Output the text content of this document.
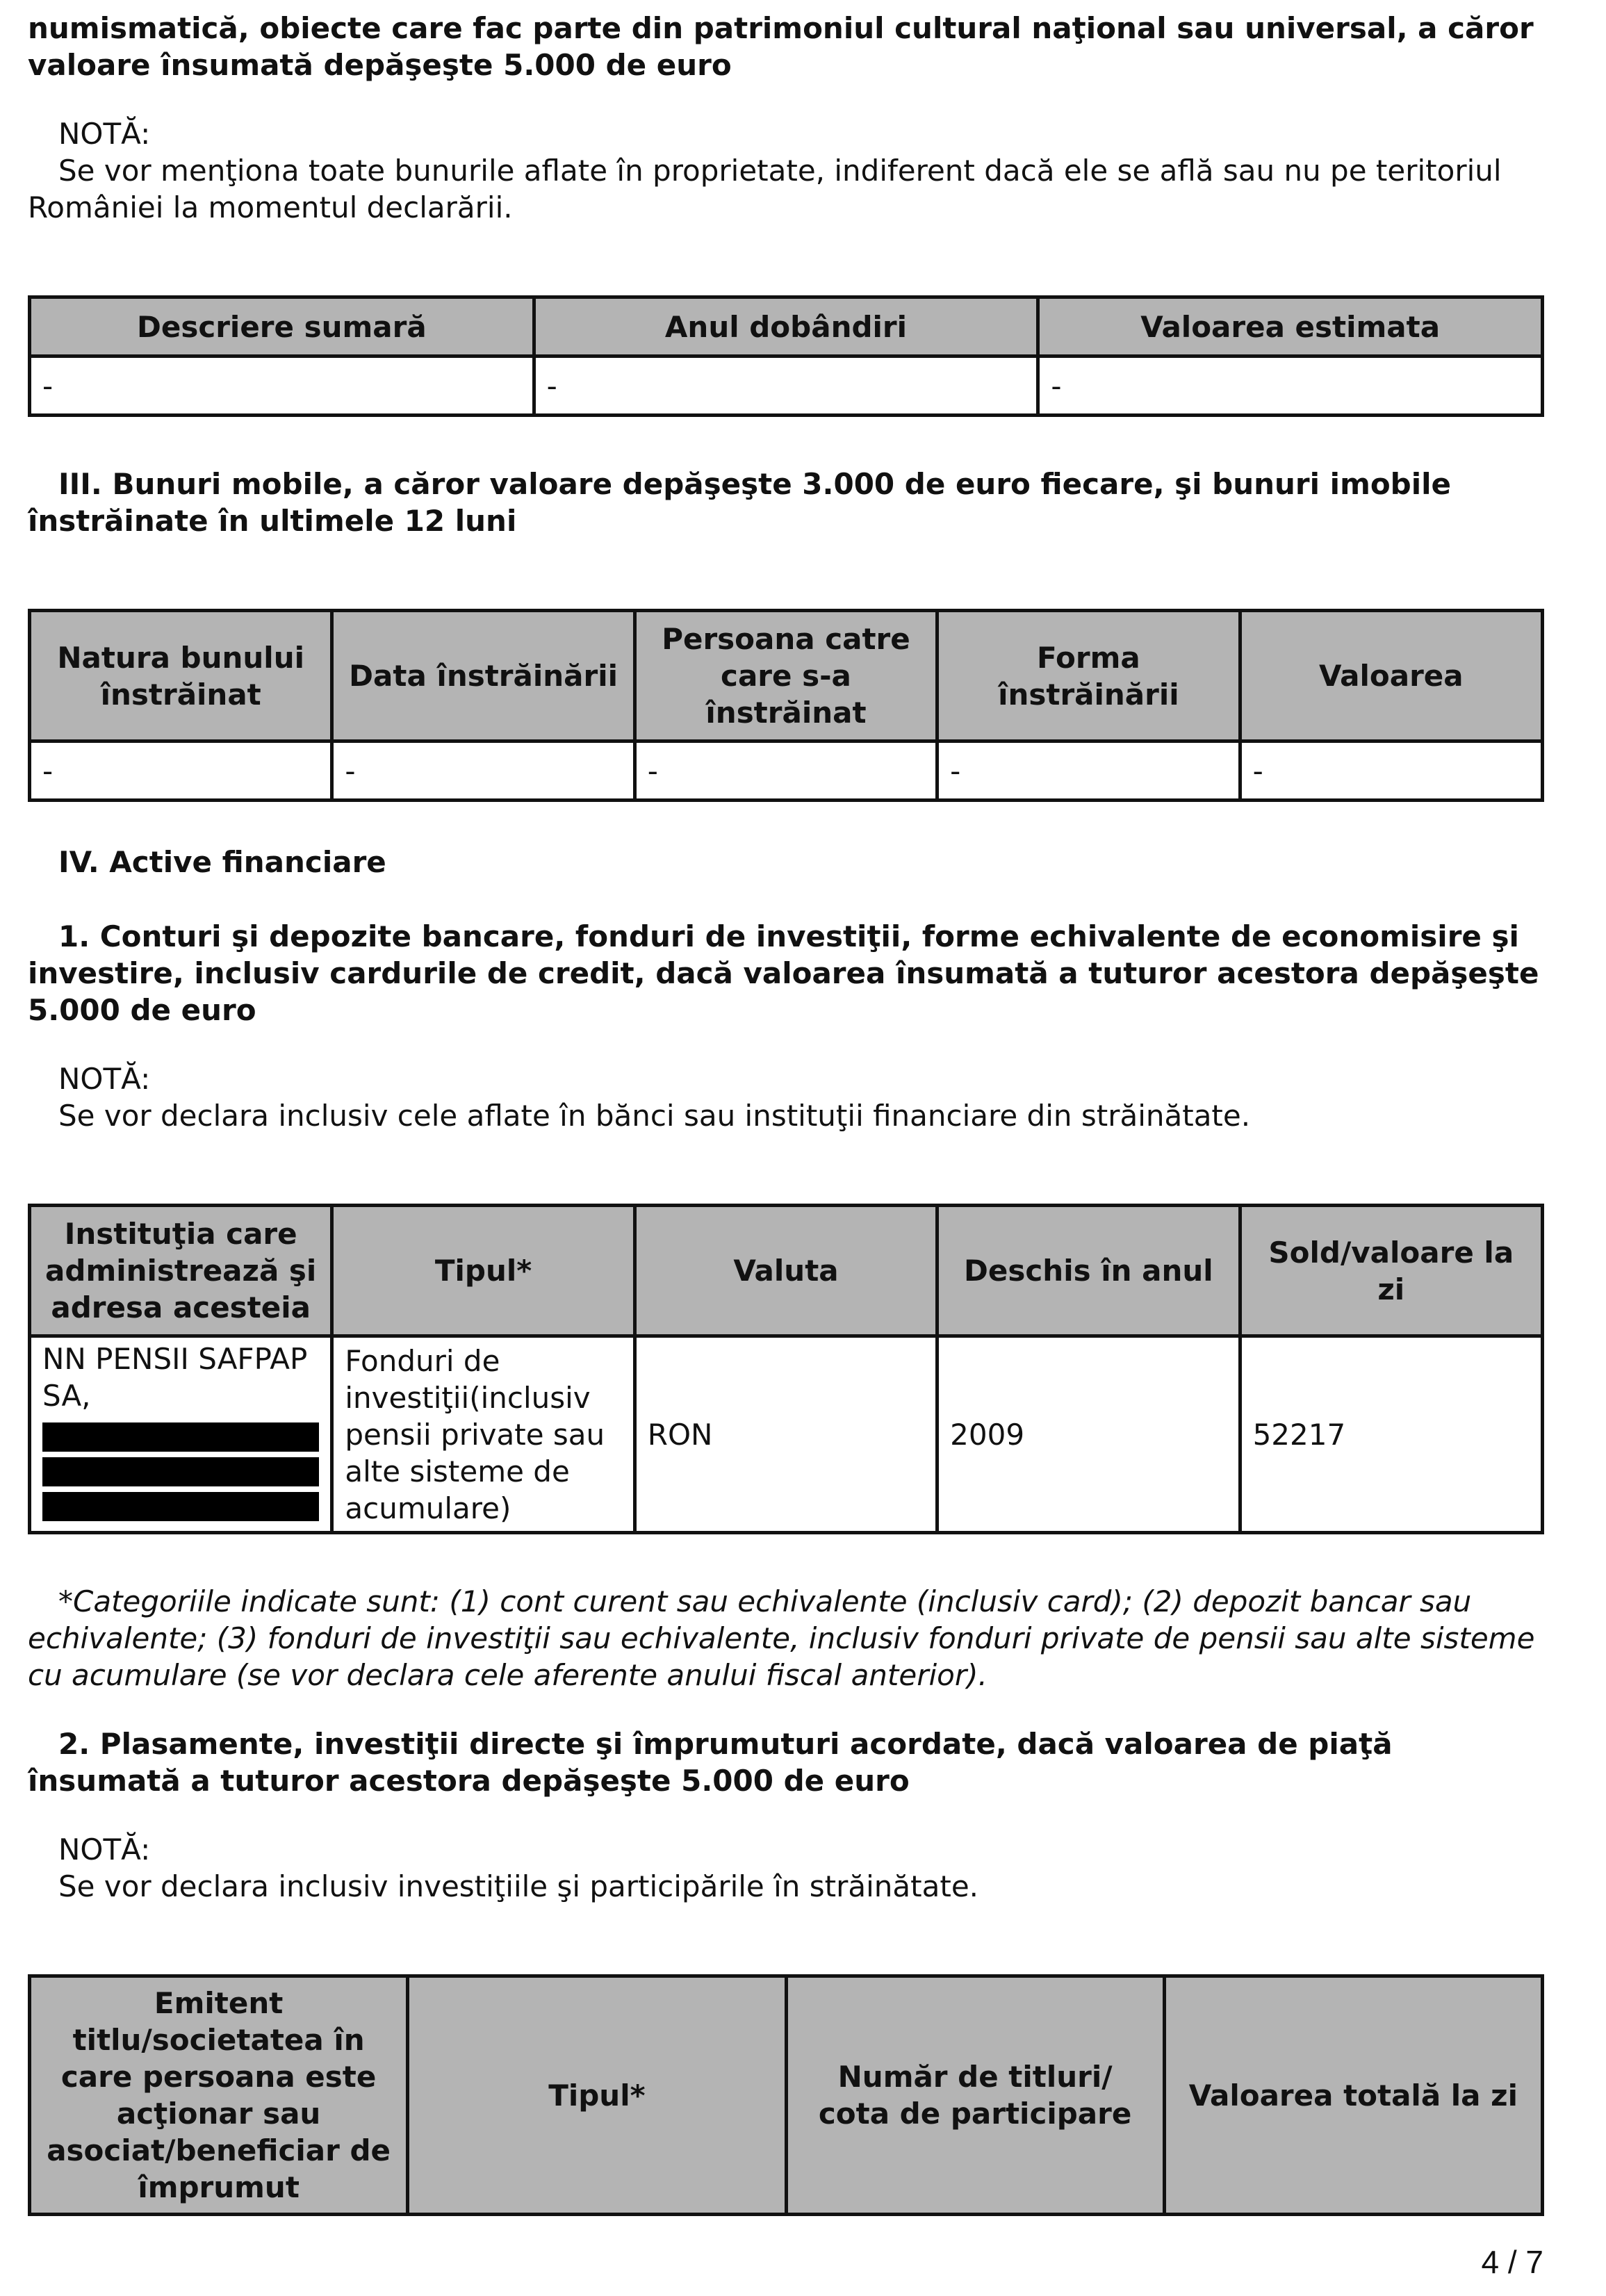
numismatică, obiecte care fac parte din patrimoniul cultural naţional sau universal, a căror valoare însumată depăşeşte 5.000 de euro

NOTĂ:

Se vor menţiona toate bunurile aflate în proprietate, indiferent dacă ele se află sau nu pe teritoriul României la momentul declarării.

Descriere sumară	Anul dobândiri	Valoarea estimata
-	-	-

III. Bunuri mobile, a căror valoare depăşeşte 3.000 de euro fiecare, şi bunuri imobile înstrăinate în ultimele 12 luni

Natura bunului înstrăinat	Data înstrăinării	Persoana catre care s-a înstrăinat	Forma înstrăinării	Valoarea
-	-	-	-	-

IV. Active financiare

1. Conturi şi depozite bancare, fonduri de investiţii, forme echivalente de economisire şi investire, inclusiv cardurile de credit, dacă valoarea însumată a tuturor acestora depăşeşte 5.000 de euro

NOTĂ:

Se vor declara inclusiv cele aflate în bănci sau instituţii financiare din străinătate.

Instituţia care administrează şi adresa acesteia	Tipul*	Valuta	Deschis în anul	Sold/valoare la zi
NN PENSII SAFPAP SA,	Fonduri de investiţii(inclusiv pensii private sau alte sisteme de acumulare)	RON	2009	52217

*Categoriile indicate sunt: (1) cont curent sau echivalente (inclusiv card); (2) depozit bancar sau echivalente; (3) fonduri de investiţii sau echivalente, inclusiv fonduri private de pensii sau alte sisteme cu acumulare (se vor declara cele aferente anului fiscal anterior).

2. Plasamente, investiţii directe şi împrumuturi acordate, dacă valoarea de piaţă însumată a tuturor acestora depăşeşte 5.000 de euro

NOTĂ:

Se vor declara inclusiv investiţiile şi participările în străinătate.

Emitent titlu/societatea în care persoana este acţionar sau asociat/beneficiar de împrumut	Tipul*	Număr de titluri/ cota de participare	Valoarea totală la zi
4 / 7
